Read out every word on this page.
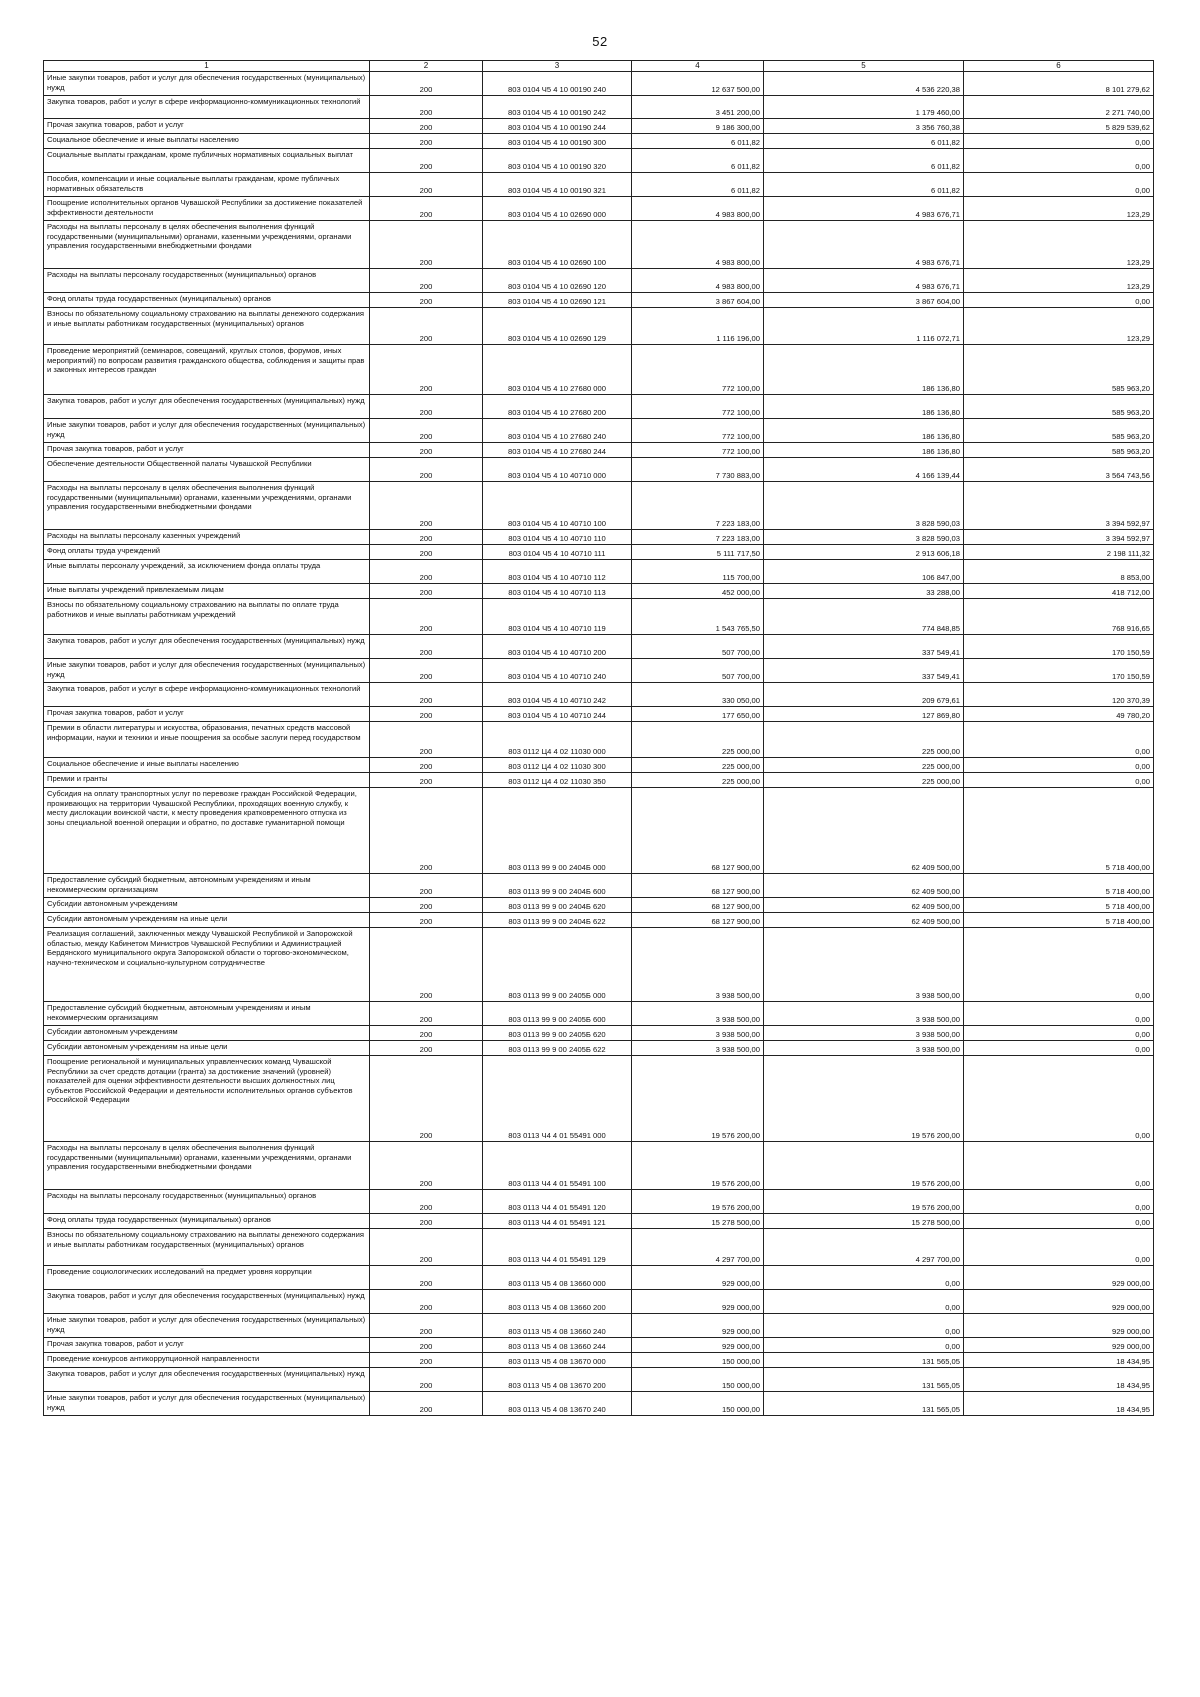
52
1	2	3	4	5	6
Иные закупки товаров, работ и услуг для обеспечения государственных (муниципальных) нужд	200	803 0104 Ч5 4 10 00190 240	12 637 500,00	4 536 220,38	8 101 279,62
Закупка товаров, работ и услуг в сфере информационно-коммуникационных технологий	200	803 0104 Ч5 4 10 00190 242	3 451 200,00	1 179 460,00	2 271 740,00
Прочая закупка товаров, работ и услуг	200	803 0104 Ч5 4 10 00190 244	9 186 300,00	3 356 760,38	5 829 539,62
Социальное обеспечение и иные выплаты населению	200	803 0104 Ч5 4 10 00190 300	6 011,82	6 011,82	0,00
Социальные выплаты гражданам, кроме публичных нормативных социальных выплат	200	803 0104 Ч5 4 10 00190 320	6 011,82	6 011,82	0,00
Пособия, компенсации и иные социальные выплаты гражданам, кроме публичных нормативных обязательств	200	803 0104 Ч5 4 10 00190 321	6 011,82	6 011,82	0,00
Поощрение исполнительных органов Чувашской Республики за достижение показателей эффективности деятельности	200	803 0104 Ч5 4 10 02690 000	4 983 800,00	4 983 676,71	123,29
Расходы на выплаты персоналу в целях обеспечения выполнения функций государственными (муниципальными) органами, казенными учреждениями, органами управления государственными внебюджетными фондами	200	803 0104 Ч5 4 10 02690 100	4 983 800,00	4 983 676,71	123,29
Расходы на выплаты персоналу государственных (муниципальных) органов	200	803 0104 Ч5 4 10 02690 120	4 983 800,00	4 983 676,71	123,29
Фонд оплаты труда государственных (муниципальных) органов	200	803 0104 Ч5 4 10 02690 121	3 867 604,00	3 867 604,00	0,00
Взносы по обязательному социальному страхованию на выплаты денежного содержания и иные выплаты работникам государственных (муниципальных) органов	200	803 0104 Ч5 4 10 02690 129	1 116 196,00	1 116 072,71	123,29
Проведение мероприятий (семинаров, совещаний, круглых столов, форумов, иных мероприятий) по вопросам развития гражданского общества, соблюдения и защиты прав и законных интересов граждан	200	803 0104 Ч5 4 10 27680 000	772 100,00	186 136,80	585 963,20
Закупка товаров, работ и услуг для обеспечения государственных (муниципальных) нужд	200	803 0104 Ч5 4 10 27680 200	772 100,00	186 136,80	585 963,20
Иные закупки товаров, работ и услуг для обеспечения государственных (муниципальных) нужд	200	803 0104 Ч5 4 10 27680 240	772 100,00	186 136,80	585 963,20
Прочая закупка товаров, работ и услуг	200	803 0104 Ч5 4 10 27680 244	772 100,00	186 136,80	585 963,20
Обеспечение деятельности Общественной палаты Чувашской Республики	200	803 0104 Ч5 4 10 40710 000	7 730 883,00	4 166 139,44	3 564 743,56
Расходы на выплаты персоналу в целях обеспечения выполнения функций государственными (муниципальными) органами, казенными учреждениями, органами управления государственными внебюджетными фондами	200	803 0104 Ч5 4 10 40710 100	7 223 183,00	3 828 590,03	3 394 592,97
Расходы на выплаты персоналу казенных учреждений	200	803 0104 Ч5 4 10 40710 110	7 223 183,00	3 828 590,03	3 394 592,97
Фонд оплаты труда учреждений	200	803 0104 Ч5 4 10 40710 111	5 111 717,50	2 913 606,18	2 198 111,32
Иные выплаты персоналу учреждений, за исключением фонда оплаты труда	200	803 0104 Ч5 4 10 40710 112	115 700,00	106 847,00	8 853,00
Иные выплаты учреждений привлекаемым лицам	200	803 0104 Ч5 4 10 40710 113	452 000,00	33 288,00	418 712,00
Взносы по обязательному социальному страхованию на выплаты по оплате труда работников и иные выплаты работникам учреждений	200	803 0104 Ч5 4 10 40710 119	1 543 765,50	774 848,85	768 916,65
Закупка товаров, работ и услуг для обеспечения государственных (муниципальных) нужд	200	803 0104 Ч5 4 10 40710 200	507 700,00	337 549,41	170 150,59
Иные закупки товаров, работ и услуг для обеспечения государственных (муниципальных) нужд	200	803 0104 Ч5 4 10 40710 240	507 700,00	337 549,41	170 150,59
Закупка товаров, работ и услуг в сфере информационно-коммуникационных технологий	200	803 0104 Ч5 4 10 40710 242	330 050,00	209 679,61	120 370,39
Прочая закупка товаров, работ и услуг	200	803 0104 Ч5 4 10 40710 244	177 650,00	127 869,80	49 780,20
Премии в области литературы и искусства, образования, печатных средств массовой информации, науки и техники и иные поощрения за особые заслуги перед государством	200	803 0112 Ц4 4 02 11030 000	225 000,00	225 000,00	0,00
Социальное обеспечение и иные выплаты населению	200	803 0112 Ц4 4 02 11030 300	225 000,00	225 000,00	0,00
Премии и гранты	200	803 0112 Ц4 4 02 11030 350	225 000,00	225 000,00	0,00
Субсидия на оплату транспортных услуг по перевозке граждан Российской Федерации, проживающих на территории Чувашской Республики, проходящих военную службу, к месту дислокации воинской части, к месту проведения кратковременного отпуска из зоны специальной военной операции и обратно, по доставке гуманитарной помощи	200	803 0113 99 9 00 2404Б 000	68 127 900,00	62 409 500,00	5 718 400,00
Предоставление субсидий бюджетным, автономным учреждениям и иным некоммерческим организациям	200	803 0113 99 9 00 2404Б 600	68 127 900,00	62 409 500,00	5 718 400,00
Субсидии автономным учреждениям	200	803 0113 99 9 00 2404Б 620	68 127 900,00	62 409 500,00	5 718 400,00
Субсидии автономным учреждениям на иные цели	200	803 0113 99 9 00 2404Б 622	68 127 900,00	62 409 500,00	5 718 400,00
Реализация соглашений, заключенных между Чувашской Республикой и Запорожской областью, между Кабинетом Министров Чувашской Республики и Администрацией Бердянского муниципального округа Запорожской области о торгово-экономическом, научно-техническом и социально-культурном сотрудничестве	200	803 0113 99 9 00 2405Б 000	3 938 500,00	3 938 500,00	0,00
Предоставление субсидий бюджетным, автономным учреждениям и иным некоммерческим организациям	200	803 0113 99 9 00 2405Б 600	3 938 500,00	3 938 500,00	0,00
Субсидии автономным учреждениям	200	803 0113 99 9 00 2405Б 620	3 938 500,00	3 938 500,00	0,00
Субсидии автономным учреждениям на иные цели	200	803 0113 99 9 00 2405Б 622	3 938 500,00	3 938 500,00	0,00
Поощрение региональной и муниципальных управленческих команд Чувашской Республики за счет средств дотации (гранта) за достижение значений (уровней) показателей для оценки эффективности деятельности высших должностных лиц субъектов Российской Федерации и деятельности исполнительных органов субъектов Российской Федерации	200	803 0113 Ч4 4 01 55491 000	19 576 200,00	19 576 200,00	0,00
Расходы на выплаты персоналу в целях обеспечения выполнения функций государственными (муниципальными) органами, казенными учреждениями, органами управления государственными внебюджетными фондами	200	803 0113 Ч4 4 01 55491 100	19 576 200,00	19 576 200,00	0,00
Расходы на выплаты персоналу государственных (муниципальных) органов	200	803 0113 Ч4 4 01 55491 120	19 576 200,00	19 576 200,00	0,00
Фонд оплаты труда государственных (муниципальных) органов	200	803 0113 Ч4 4 01 55491 121	15 278 500,00	15 278 500,00	0,00
Взносы по обязательному социальному страхованию на выплаты денежного содержания и иные выплаты работникам государственных (муниципальных) органов	200	803 0113 Ч4 4 01 55491 129	4 297 700,00	4 297 700,00	0,00
Проведение социологических исследований на предмет уровня коррупции	200	803 0113 Ч5 4 08 13660 000	929 000,00	0,00	929 000,00
Закупка товаров, работ и услуг для обеспечения государственных (муниципальных) нужд	200	803 0113 Ч5 4 08 13660 200	929 000,00	0,00	929 000,00
Иные закупки товаров, работ и услуг для обеспечения государственных (муниципальных) нужд	200	803 0113 Ч5 4 08 13660 240	929 000,00	0,00	929 000,00
Прочая закупка товаров, работ и услуг	200	803 0113 Ч5 4 08 13660 244	929 000,00	0,00	929 000,00
Проведение конкурсов антикоррупционной направленности	200	803 0113 Ч5 4 08 13670 000	150 000,00	131 565,05	18 434,95
Закупка товаров, работ и услуг для обеспечения государственных (муниципальных) нужд	200	803 0113 Ч5 4 08 13670 200	150 000,00	131 565,05	18 434,95
Иные закупки товаров, работ и услуг для обеспечения государственных (муниципальных) нужд	200	803 0113 Ч5 4 08 13670 240	150 000,00	131 565,05	18 434,95
